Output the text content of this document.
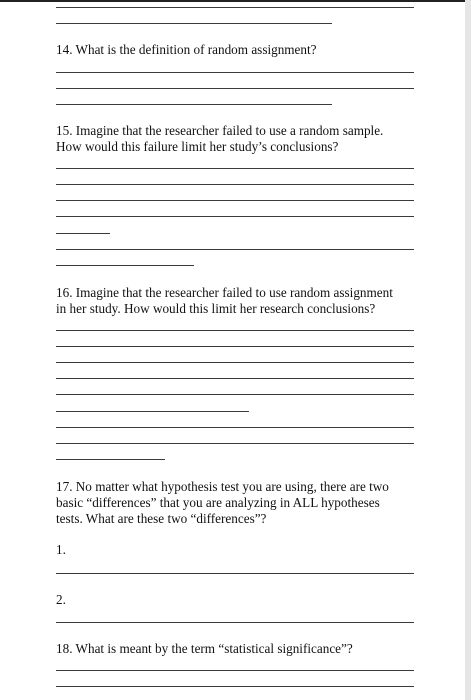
14. What is the definition of random assignment?
15. Imagine that the researcher failed to use a random sample.
How would this failure limit her study’s conclusions?
16. Imagine that the researcher failed to use random assignment
in her study. How would this limit her research conclusions?
17. No matter what hypothesis test you are using, there are two
basic “differences” that you are analyzing in ALL hypotheses
tests. What are these two “differences”?
1.
2.
18. What is meant by the term “statistical significance”?
